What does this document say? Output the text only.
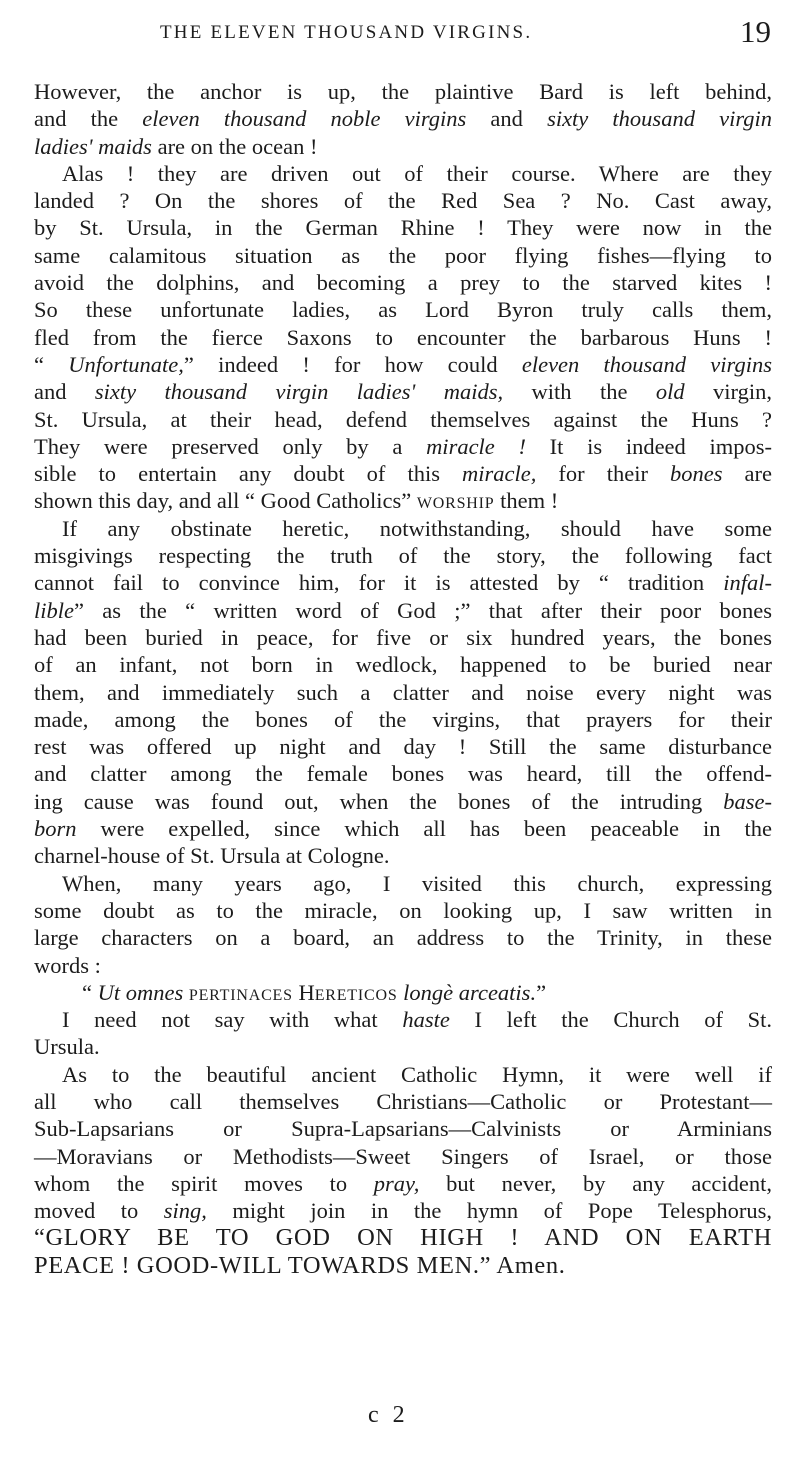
THE ELEVEN THOUSAND VIRGINS.	19
However, the anchor is up, the plaintive Bard is left behind,
and the eleven thousand noble virgins and sixty thousand virgin
ladies' maids are on the ocean !
Alas ! they are driven out of their course. Where are they
landed ? On the shores of the Red Sea ? No. Cast away,
by St. Ursula, in the German Rhine ! They were now in the
same calamitous situation as the poor flying fishes—flying to
avoid the dolphins, and becoming a prey to the starved kites !
So these unfortunate ladies, as Lord Byron truly calls them,
fled from the fierce Saxons to encounter the barbarous Huns !
“ Unfortunate,” indeed ! for how could eleven thousand virgins
and sixty thousand virgin ladies' maids, with the old virgin,
St. Ursula, at their head, defend themselves against the Huns ?
They were preserved only by a miracle ! It is indeed impos-
sible to entertain any doubt of this miracle, for their bones are
shown this day, and all “ Good Catholics” WORSHIP them !
If any obstinate heretic, notwithstanding, should have some
misgivings respecting the truth of the story, the following fact
cannot fail to convince him, for it is attested by “ tradition infal-
lible” as the “ written word of God ;” that after their poor bones
had been buried in peace, for five or six hundred years, the bones
of an infant, not born in wedlock, happened to be buried near
them, and immediately such a clatter and noise every night was
made, among the bones of the virgins, that prayers for their
rest was offered up night and day ! Still the same disturbance
and clatter among the female bones was heard, till the offend-
ing cause was found out, when the bones of the intruding base-
born were expelled, since which all has been peaceable in the
charnel-house of St. Ursula at Cologne.
When, many years ago, I visited this church, expressing
some doubt as to the miracle, on looking up, I saw written in
large characters on a board, an address to the Trinity, in these
words :
“ Ut omnes PERTINACES HERETICOS longè arceatis.”
I need not say with what haste I left the Church of St.
Ursula.
As to the beautiful ancient Catholic Hymn, it were well if
all who call themselves Christians—Catholic or Protestant—
Sub-Lapsarians or Supra-Lapsarians—Calvinists or Arminians
—Moravians or Methodists—Sweet Singers of Israel, or those
whom the spirit moves to pray, but never, by any accident,
moved to sing, might join in the hymn of Pope Telesphorus,
“GLORY BE TO GOD ON HIGH ! AND ON EARTH
PEACE ! GOOD-WILL TOWARDS MEN.” Amen.
c 2
